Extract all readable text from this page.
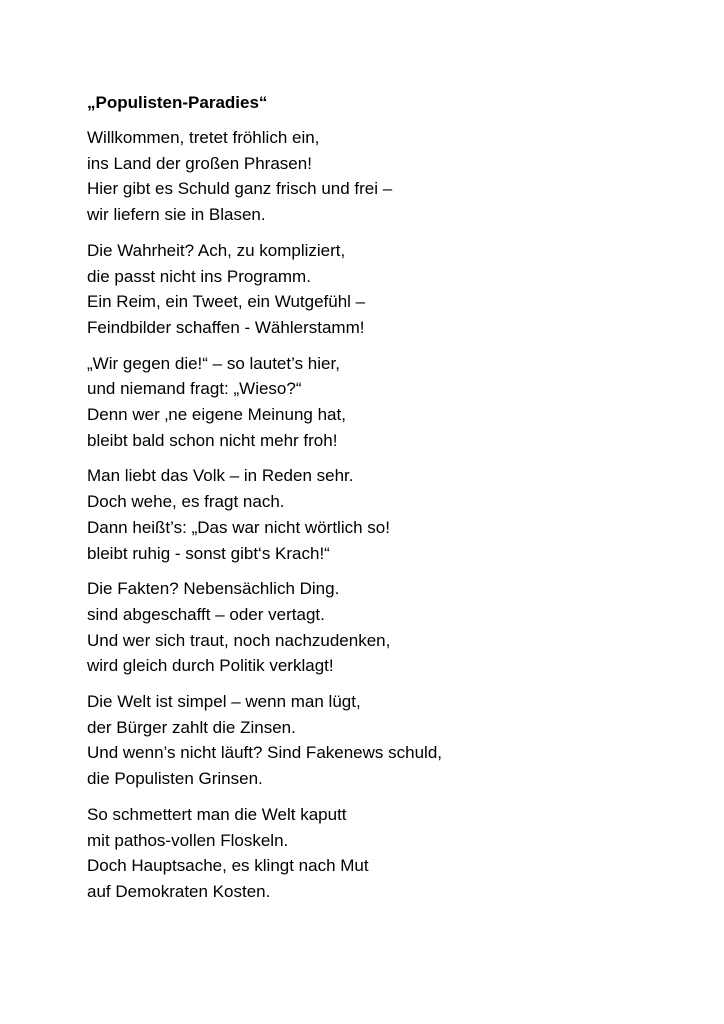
„Populisten-Paradies“
Willkommen, tretet fröhlich ein,
ins Land der großen Phrasen!
Hier gibt es Schuld ganz frisch und frei –
wir liefern sie in Blasen.
Die Wahrheit? Ach, zu kompliziert,
die passt nicht ins Programm.
Ein Reim, ein Tweet, ein Wutgefühl –
Feindbilder schaffen - Wählerstamm!
„Wir gegen die!“ – so lautet’s hier,
und niemand fragt: „Wieso?“
Denn wer ‚ne eigene Meinung hat,
bleibt bald schon nicht mehr froh!
Man liebt das Volk – in Reden sehr.
Doch wehe, es fragt nach.
Dann heißt’s: „Das war nicht wörtlich so!
bleibt ruhig - sonst gibt‘s Krach!“
Die Fakten? Nebensächlich Ding.
sind abgeschafft – oder vertagt.
Und wer sich traut, noch nachzudenken,
wird gleich durch Politik verklagt!
Die Welt ist simpel – wenn man lügt,
der Bürger zahlt die Zinsen.
Und wenn’s nicht läuft? Sind Fakenews schuld,
die Populisten Grinsen.
So schmettert man die Welt kaputt
mit pathos-vollen Floskeln.
Doch Hauptsache, es klingt nach Mut
auf Demokraten Kosten.
